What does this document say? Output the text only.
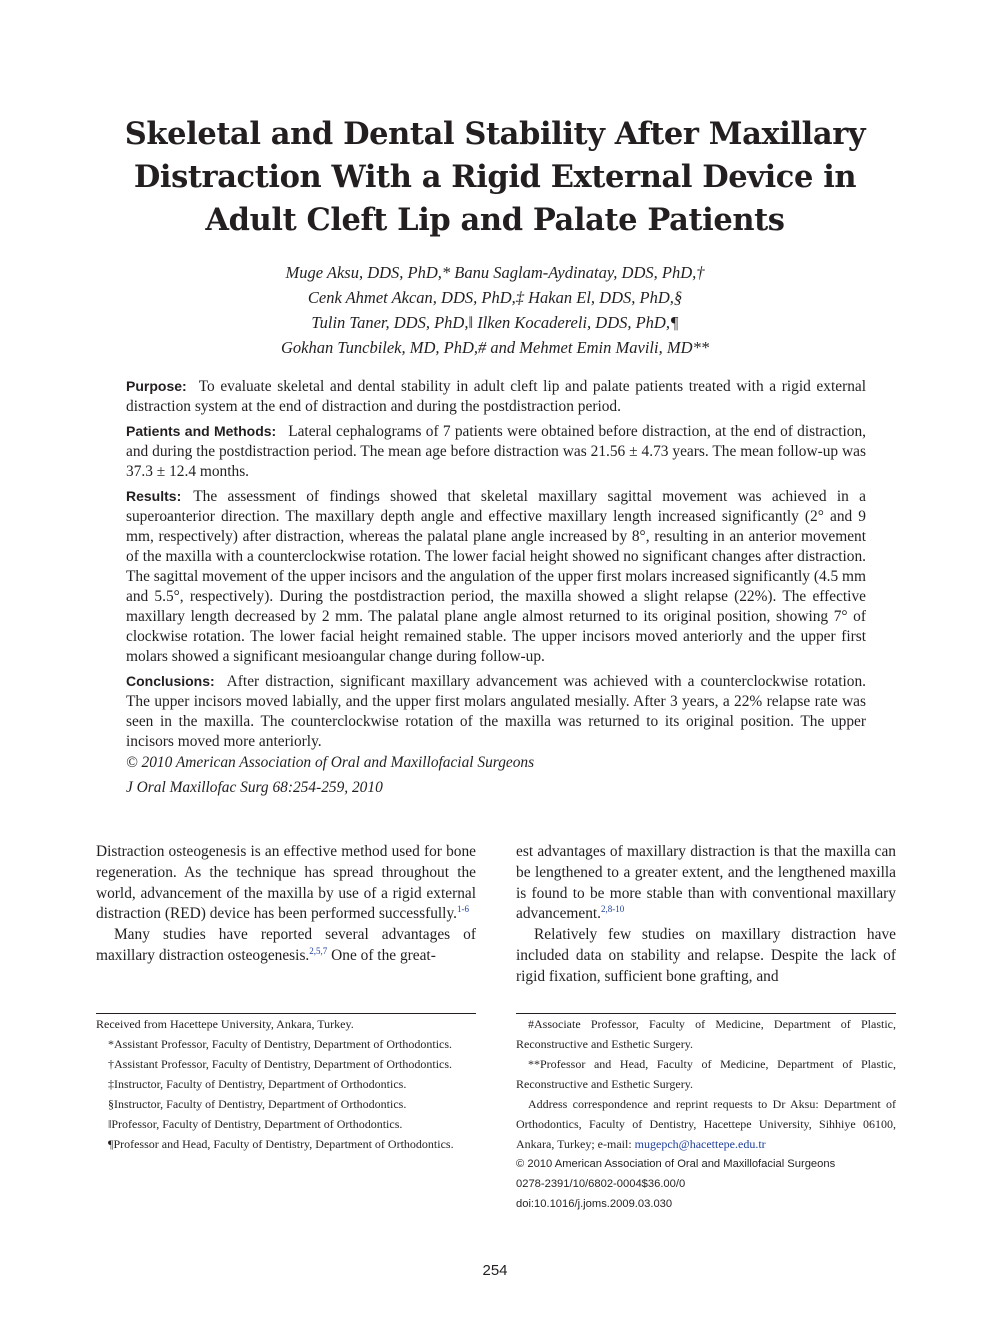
Skeletal and Dental Stability After Maxillary Distraction With a Rigid External Device in Adult Cleft Lip and Palate Patients
Muge Aksu, DDS, PhD,* Banu Saglam-Aydinatay, DDS, PhD,†
Cenk Ahmet Akcan, DDS, PhD,‡ Hakan El, DDS, PhD,§
Tulin Taner, DDS, PhD,‖ Ilken Kocadereli, DDS, PhD,¶
Gokhan Tuncbilek, MD, PhD,# and Mehmet Emin Mavili, MD**

Purpose: To evaluate skeletal and dental stability in adult cleft lip and palate patients treated with a rigid external distraction system at the end of distraction and during the postdistraction period.

Patients and Methods: Lateral cephalograms of 7 patients were obtained before distraction, at the end of distraction, and during the postdistraction period. The mean age before distraction was 21.56 ± 4.73 years. The mean follow-up was 37.3 ± 12.4 months.

Results: The assessment of findings showed that skeletal maxillary sagittal movement was achieved in a superoanterior direction. The maxillary depth angle and effective maxillary length increased significantly (2° and 9 mm, respectively) after distraction, whereas the palatal plane angle increased by 8°, resulting in an anterior movement of the maxilla with a counterclockwise rotation. The lower facial height showed no significant changes after distraction. The sagittal movement of the upper incisors and the angulation of the upper first molars increased significantly (4.5 mm and 5.5°, respectively). During the postdistraction period, the maxilla showed a slight relapse (22%). The effective maxillary length decreased by 2 mm. The palatal plane angle almost returned to its original position, showing 7° of clockwise rotation. The lower facial height remained stable. The upper incisors moved anteriorly and the upper first molars showed a significant mesioangular change during follow-up.

Conclusions: After distraction, significant maxillary advancement was achieved with a counterclockwise rotation. The upper incisors moved labially, and the upper first molars angulated mesially. After 3 years, a 22% relapse rate was seen in the maxilla. The counterclockwise rotation of the maxilla was returned to its original position. The upper incisors moved more anteriorly.

© 2010 American Association of Oral and Maxillofacial Surgeons

J Oral Maxillofac Surg 68:254-259, 2010

Distraction osteogenesis is an effective method used for bone regeneration. As the technique has spread throughout the world, advancement of the maxilla by use of a rigid external distraction (RED) device has been performed successfully.$^{1-6}$

Many studies have reported several advantages of maxillary distraction osteogenesis.$^{2,5,7}$ One of the great-

est advantages of maxillary distraction is that the maxilla can be lengthened to a greater extent, and the lengthened maxilla is found to be more stable than with conventional maxillary advancement.$^{2,8-10}$

Relatively few studies on maxillary distraction have included data on stability and relapse. Despite the lack of rigid fixation, sufficient bone grafting, and

Received from Hacettepe University, Ankara, Turkey.

*Assistant Professor, Faculty of Dentistry, Department of Orthodontics.

†Assistant Professor, Faculty of Dentistry, Department of Orthodontics.

‡Instructor, Faculty of Dentistry, Department of Orthodontics.

§Instructor, Faculty of Dentistry, Department of Orthodontics.

‖Professor, Faculty of Dentistry, Department of Orthodontics.

¶Professor and Head, Faculty of Dentistry, Department of Orthodontics.

#Associate Professor, Faculty of Medicine, Department of Plastic, Reconstructive and Esthetic Surgery.

**Professor and Head, Faculty of Medicine, Department of Plastic, Reconstructive and Esthetic Surgery.

Address correspondence and reprint requests to Dr Aksu: Department of Orthodontics, Faculty of Dentistry, Hacettepe University, Sihhiye 06100, Ankara, Turkey; e-mail: mugepch@hacettepe.edu.tr

© 2010 American Association of Oral and Maxillofacial Surgeons

0278-2391/10/6802-0004$36.00/0

doi:10.1016/j.joms.2009.03.030

254
